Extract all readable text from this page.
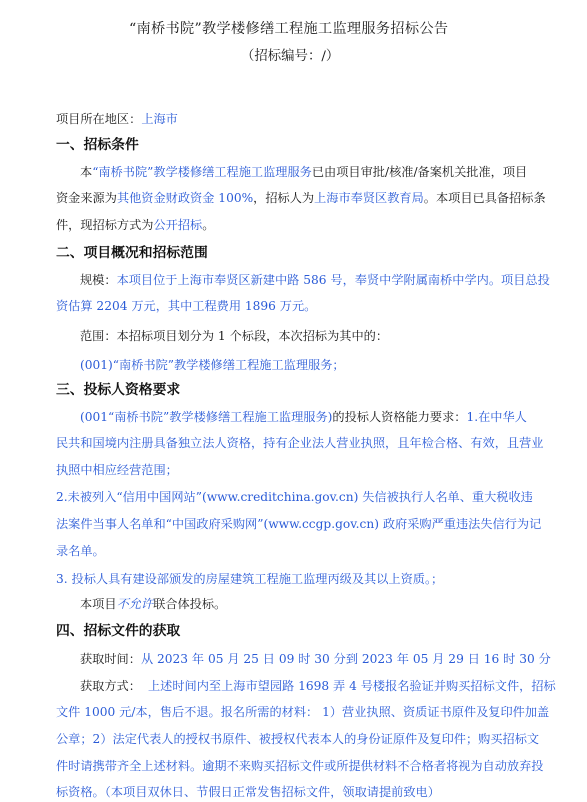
“南桥书院”教学楼修缮工程施工监理服务招标公告
（招标编号：/）
项目所在地区：上海市
一、招标条件
本“南桥书院”教学楼修缮工程施工监理服务已由项目审批/核准/备案机关批准，项目
资金来源为其他资金财政资金 100%，招标人为上海市奉贤区教育局。本项目已具备招标条
件，现招标方式为公开招标。
二、项目概况和招标范围
规模：本项目位于上海市奉贤区新建中路 586 号，奉贤中学附属南桥中学内。项目总投
资估算 2204 万元，其中工程费用 1896 万元。
范围：本招标项目划分为 1 个标段，本次招标为其中的：
(001)“南桥书院”教学楼修缮工程施工监理服务；
三、投标人资格要求
(001“南桥书院”教学楼修缮工程施工监理服务)的投标人资格能力要求：1.在中华人
民共和国境内注册具备独立法人资格，持有企业法人营业执照，且年检合格、有效，且营业
执照中相应经营范围；
2.未被列入“信用中国网站”(www.creditchina.gov.cn) 失信被执行人名单、重大税收违
法案件当事人名单和“中国政府采购网”(www.ccgp.gov.cn) 政府采购严重违法失信行为记
录名单。
3. 投标人具有建设部颁发的房屋建筑工程施工监理丙级及其以上资质。；
本项目不允许联合体投标。
四、招标文件的获取
获取时间：从 2023 年 05 月 25 日 09 时 30 分到 2023 年 05 月 29 日 16 时 30 分
获取方式： 上述时间内至上海市望园路 1698 弄 4 号楼报名验证并购买招标文件，招标
文件 1000 元/本，售后不退。报名所需的材料： 1）营业执照、资质证书原件及复印件加盖
公章；2）法定代表人的授权书原件、被授权代表本人的身份证原件及复印件；购买招标文
件时请携带齐全上述材料。逾期不来购买招标文件或所提供材料不合格者将视为自动放弃投
标资格。（本项目双休日、节假日正常发售招标文件，领取请提前致电）
